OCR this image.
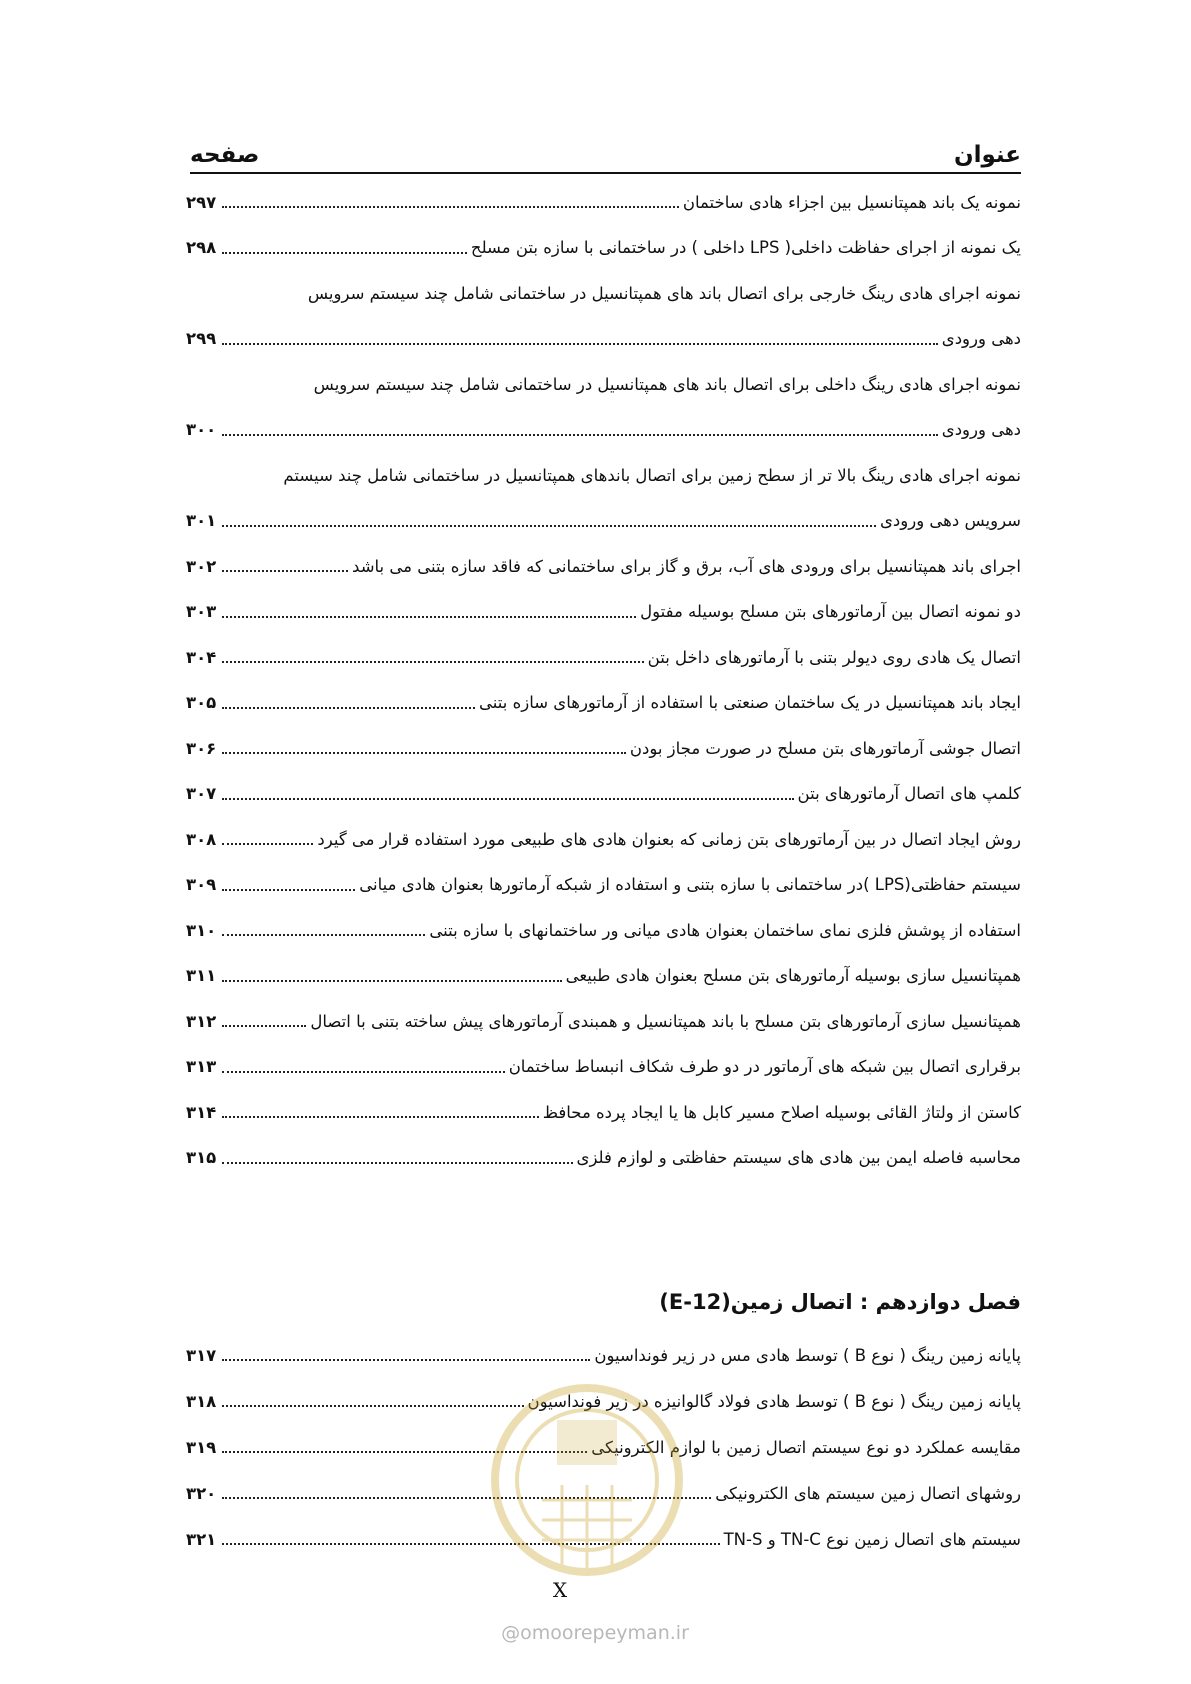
عنوان
صفحه
نمونه یک باند همپتانسیل بین اجزاء هادی ساختمان
۲۹۷
یک نمونه از اجرای حفاظت داخلی( LPS داخلی ) در ساختمانی با سازه بتن مسلح
۲۹۸
نمونه اجرای هادی رینگ خارجی برای اتصال باند های همپتانسیل در ساختمانی شامل چند سیستم سرویس
دهی ورودی
۲۹۹
نمونه اجرای هادی رینگ داخلی برای اتصال باند های همپتانسیل در ساختمانی شامل چند سیستم سرویس
دهی ورودی
۳۰۰
نمونه اجرای هادی رینگ بالا تر از سطح زمین برای اتصال باندهای همپتانسیل در ساختمانی شامل چند سیستم
سرویس دهی ورودی
۳۰۱
اجرای باند همپتانسیل برای ورودی های آب، برق و گاز برای ساختمانی که فاقد سازه بتنی می باشد
۳۰۲
دو نمونه اتصال بین آرماتورهای بتن مسلح بوسیله مفتول
۳۰۳
اتصال یک هادی روی دیولر بتنی با آرماتورهای داخل بتن
۳۰۴
ایجاد باند همپتانسیل در یک ساختمان صنعتی با استفاده از آرماتورهای سازه بتنی
۳۰۵
اتصال جوشی آرماتورهای بتن مسلح در صورت مجاز بودن
۳۰۶
کلمپ های اتصال آرماتورهای بتن
۳۰۷
روش ایجاد اتصال در بین آرماتورهای بتن زمانی که بعنوان هادی های طبیعی مورد استفاده قرار می گیرد
۳۰۸
سیستم حفاظتی(LPS )در ساختمانی با سازه بتنی و استفاده از شبکه آرماتورها بعنوان هادی میانی
۳۰۹
استفاده از پوشش فلزی نمای ساختمان بعنوان هادی میانی ور ساختمانهای با سازه بتنی
۳۱۰
همپتانسیل سازی بوسیله آرماتورهای بتن مسلح بعنوان هادی طبیعی
۳۱۱
همپتانسیل سازی آرماتورهای بتن مسلح با باند همپتانسیل و همبندی آرماتورهای پیش ساخته بتنی با اتصال
۳۱۲
برقراری اتصال بین شبکه های آرماتور در دو طرف شکاف انبساط ساختمان
۳۱۳
کاستن از ولتاژ القائی بوسیله اصلاح مسیر کابل ها یا ایجاد پرده محافظ
۳۱۴
محاسبه فاصله ایمن بین هادی های سیستم حفاظتی و لوازم فلزی
۳۱۵
فصل دوازدهم : اتصال زمین(E-12)
پایانه زمین رینگ ( نوع B ) توسط هادی مس در زیر فونداسیون
۳۱۷
پایانه زمین رینگ ( نوع B ) توسط هادی فولاد گالوانیزه در زیر فونداسیون
۳۱۸
مقایسه عملکرد دو نوع سیستم اتصال زمین با لوازم الکترونیکی
۳۱۹
روشهای اتصال زمین سیستم های الکترونیکی
۳۲۰
سیستم های اتصال زمین نوع TN-C و TN-S
۳۲۱
X
@omoorepeyman.ir
